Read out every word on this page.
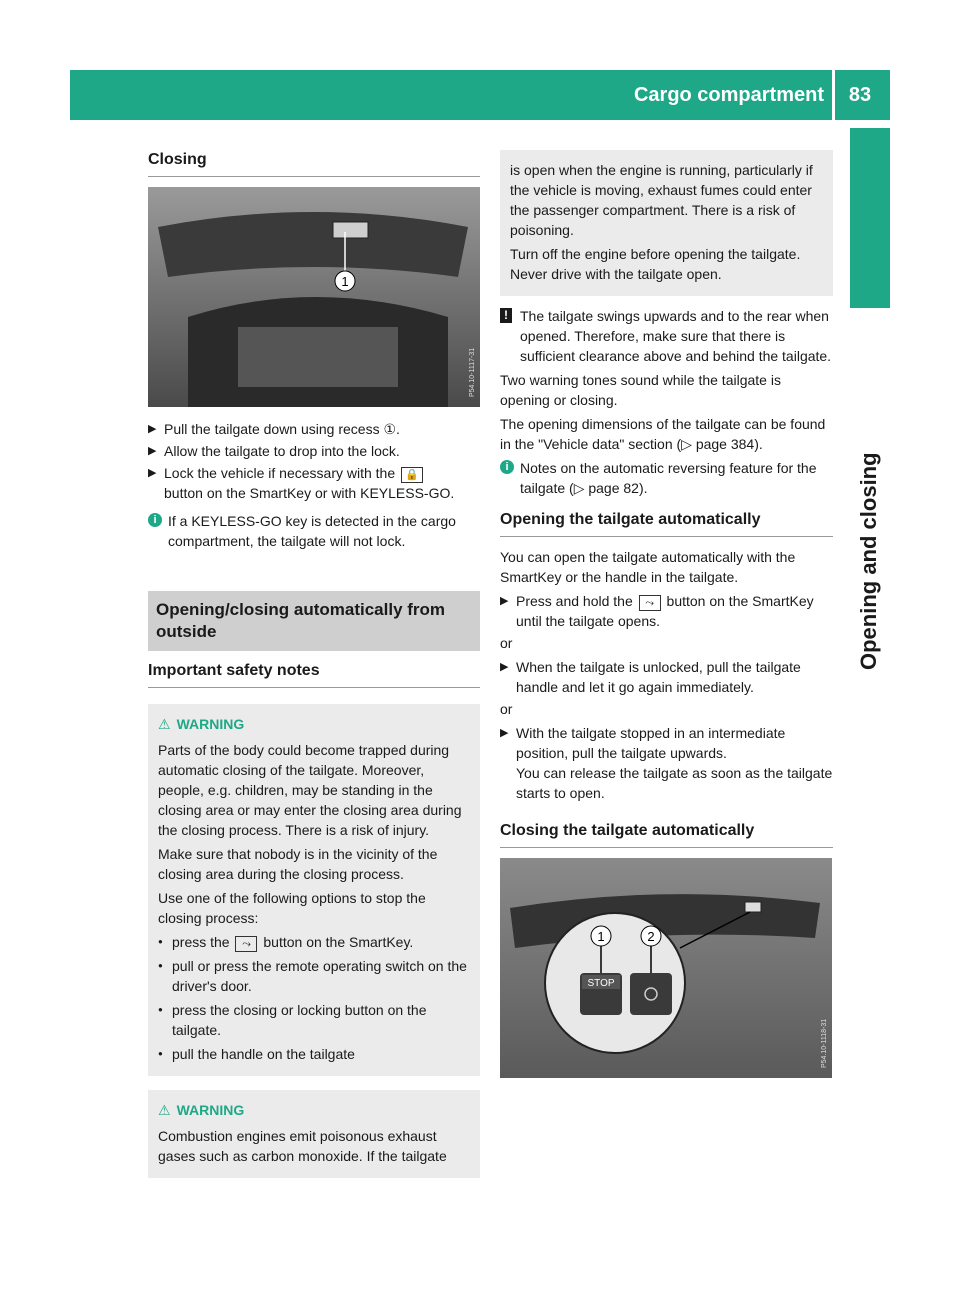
Cargo compartment	83
Opening and closing
Closing
1
P54.10-1117-31
▶ Pull the tailgate down using recess ①.
▶ Allow the tailgate to drop into the lock.
▶ Lock the vehicle if necessary with the 🔒
button on the SmartKey or with KEYLESS-GO.
i If a KEYLESS-GO key is detected in the cargo compartment, the tailgate will not lock.
Opening/closing automatically from outside
Important safety notes
⚠ WARNING

Parts of the body could become trapped during automatic closing of the tailgate. Moreover, people, e.g. children, may be standing in the closing area or may enter the closing area during the closing process. There is a risk of injury.

Make sure that nobody is in the vicinity of the closing area during the closing process.

Use one of the following options to stop the closing process:

● press the ⤳ button on the SmartKey.
● pull or press the remote operating switch on the driver's door.
● press the closing or locking button on the tailgate.
● pull the handle on the tailgate
⚠ WARNING

Combustion engines emit poisonous exhaust gases such as carbon monoxide. If the tailgate

is open when the engine is running, particularly if the vehicle is moving, exhaust fumes could enter the passenger compartment. There is a risk of poisoning.

Turn off the engine before opening the tailgate. Never drive with the tailgate open.

! The tailgate swings upwards and to the rear when opened. Therefore, make sure that there is sufficient clearance above and behind the tailgate.

Two warning tones sound while the tailgate is opening or closing.

The opening dimensions of the tailgate can be found in the "Vehicle data" section (▷ page 384).

i Notes on the automatic reversing feature for the tailgate (▷ page 82).
Opening the tailgate automatically

You can open the tailgate automatically with the SmartKey or the handle in the tailgate.

▶ Press and hold the ⤳ button on the SmartKey until the tailgate opens.

or

▶ When the tailgate is unlocked, pull the tailgate handle and let it go again immediately.

or

▶ With the tailgate stopped in an intermediate position, pull the tailgate upwards.
You can release the tailgate as soon as the tailgate starts to open.
Closing the tailgate automatically
STOP
1	2
P54.10-1118-31
